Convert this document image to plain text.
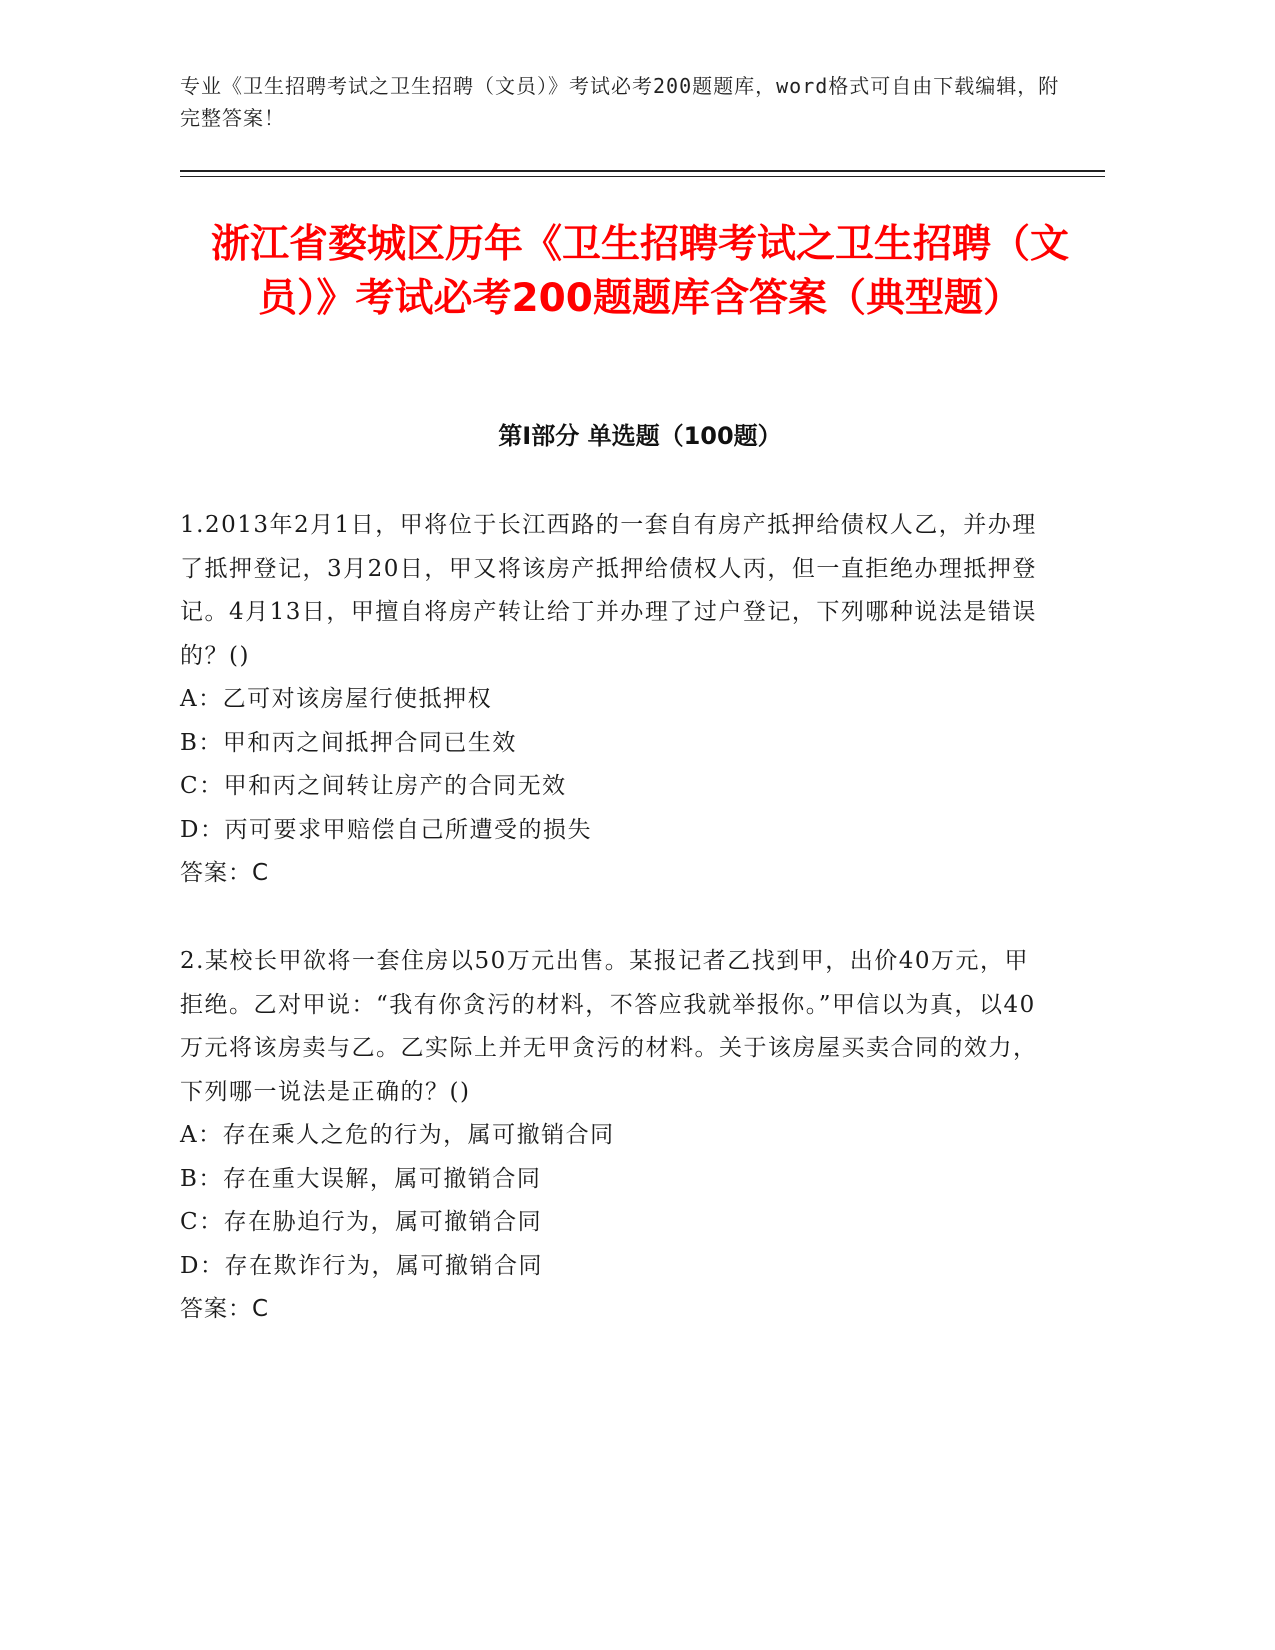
专业《卫生招聘考试之卫生招聘（文员）》考试必考200题题库，word格式可自由下载编辑，附完整答案！
浙江省婺城区历年《卫生招聘考试之卫生招聘（文员）》考试必考200题题库含答案（典型题）
第Ⅰ部分 单选题（100题）

1.2013年2月1日，甲将位于长江西路的一套自有房产抵押给债权人乙，并办理了抵押登记，3月20日，甲又将该房产抵押给债权人丙，但一直拒绝办理抵押登记。4月13日，甲擅自将房产转让给丁并办理了过户登记，下列哪种说法是错误的？()

A：乙可对该房屋行使抵押权

B：甲和丙之间抵押合同已生效

C：甲和丙之间转让房产的合同无效

D：丙可要求甲赔偿自己所遭受的损失

答案：C

2.某校长甲欲将一套住房以50万元出售。某报记者乙找到甲，出价40万元，甲拒绝。乙对甲说：“我有你贪污的材料，不答应我就举报你。”甲信以为真，以40万元将该房卖与乙。乙实际上并无甲贪污的材料。关于该房屋买卖合同的效力，下列哪一说法是正确的？()

A：存在乘人之危的行为，属可撤销合同

B：存在重大误解，属可撤销合同

C：存在胁迫行为，属可撤销合同

D：存在欺诈行为，属可撤销合同

答案：C
